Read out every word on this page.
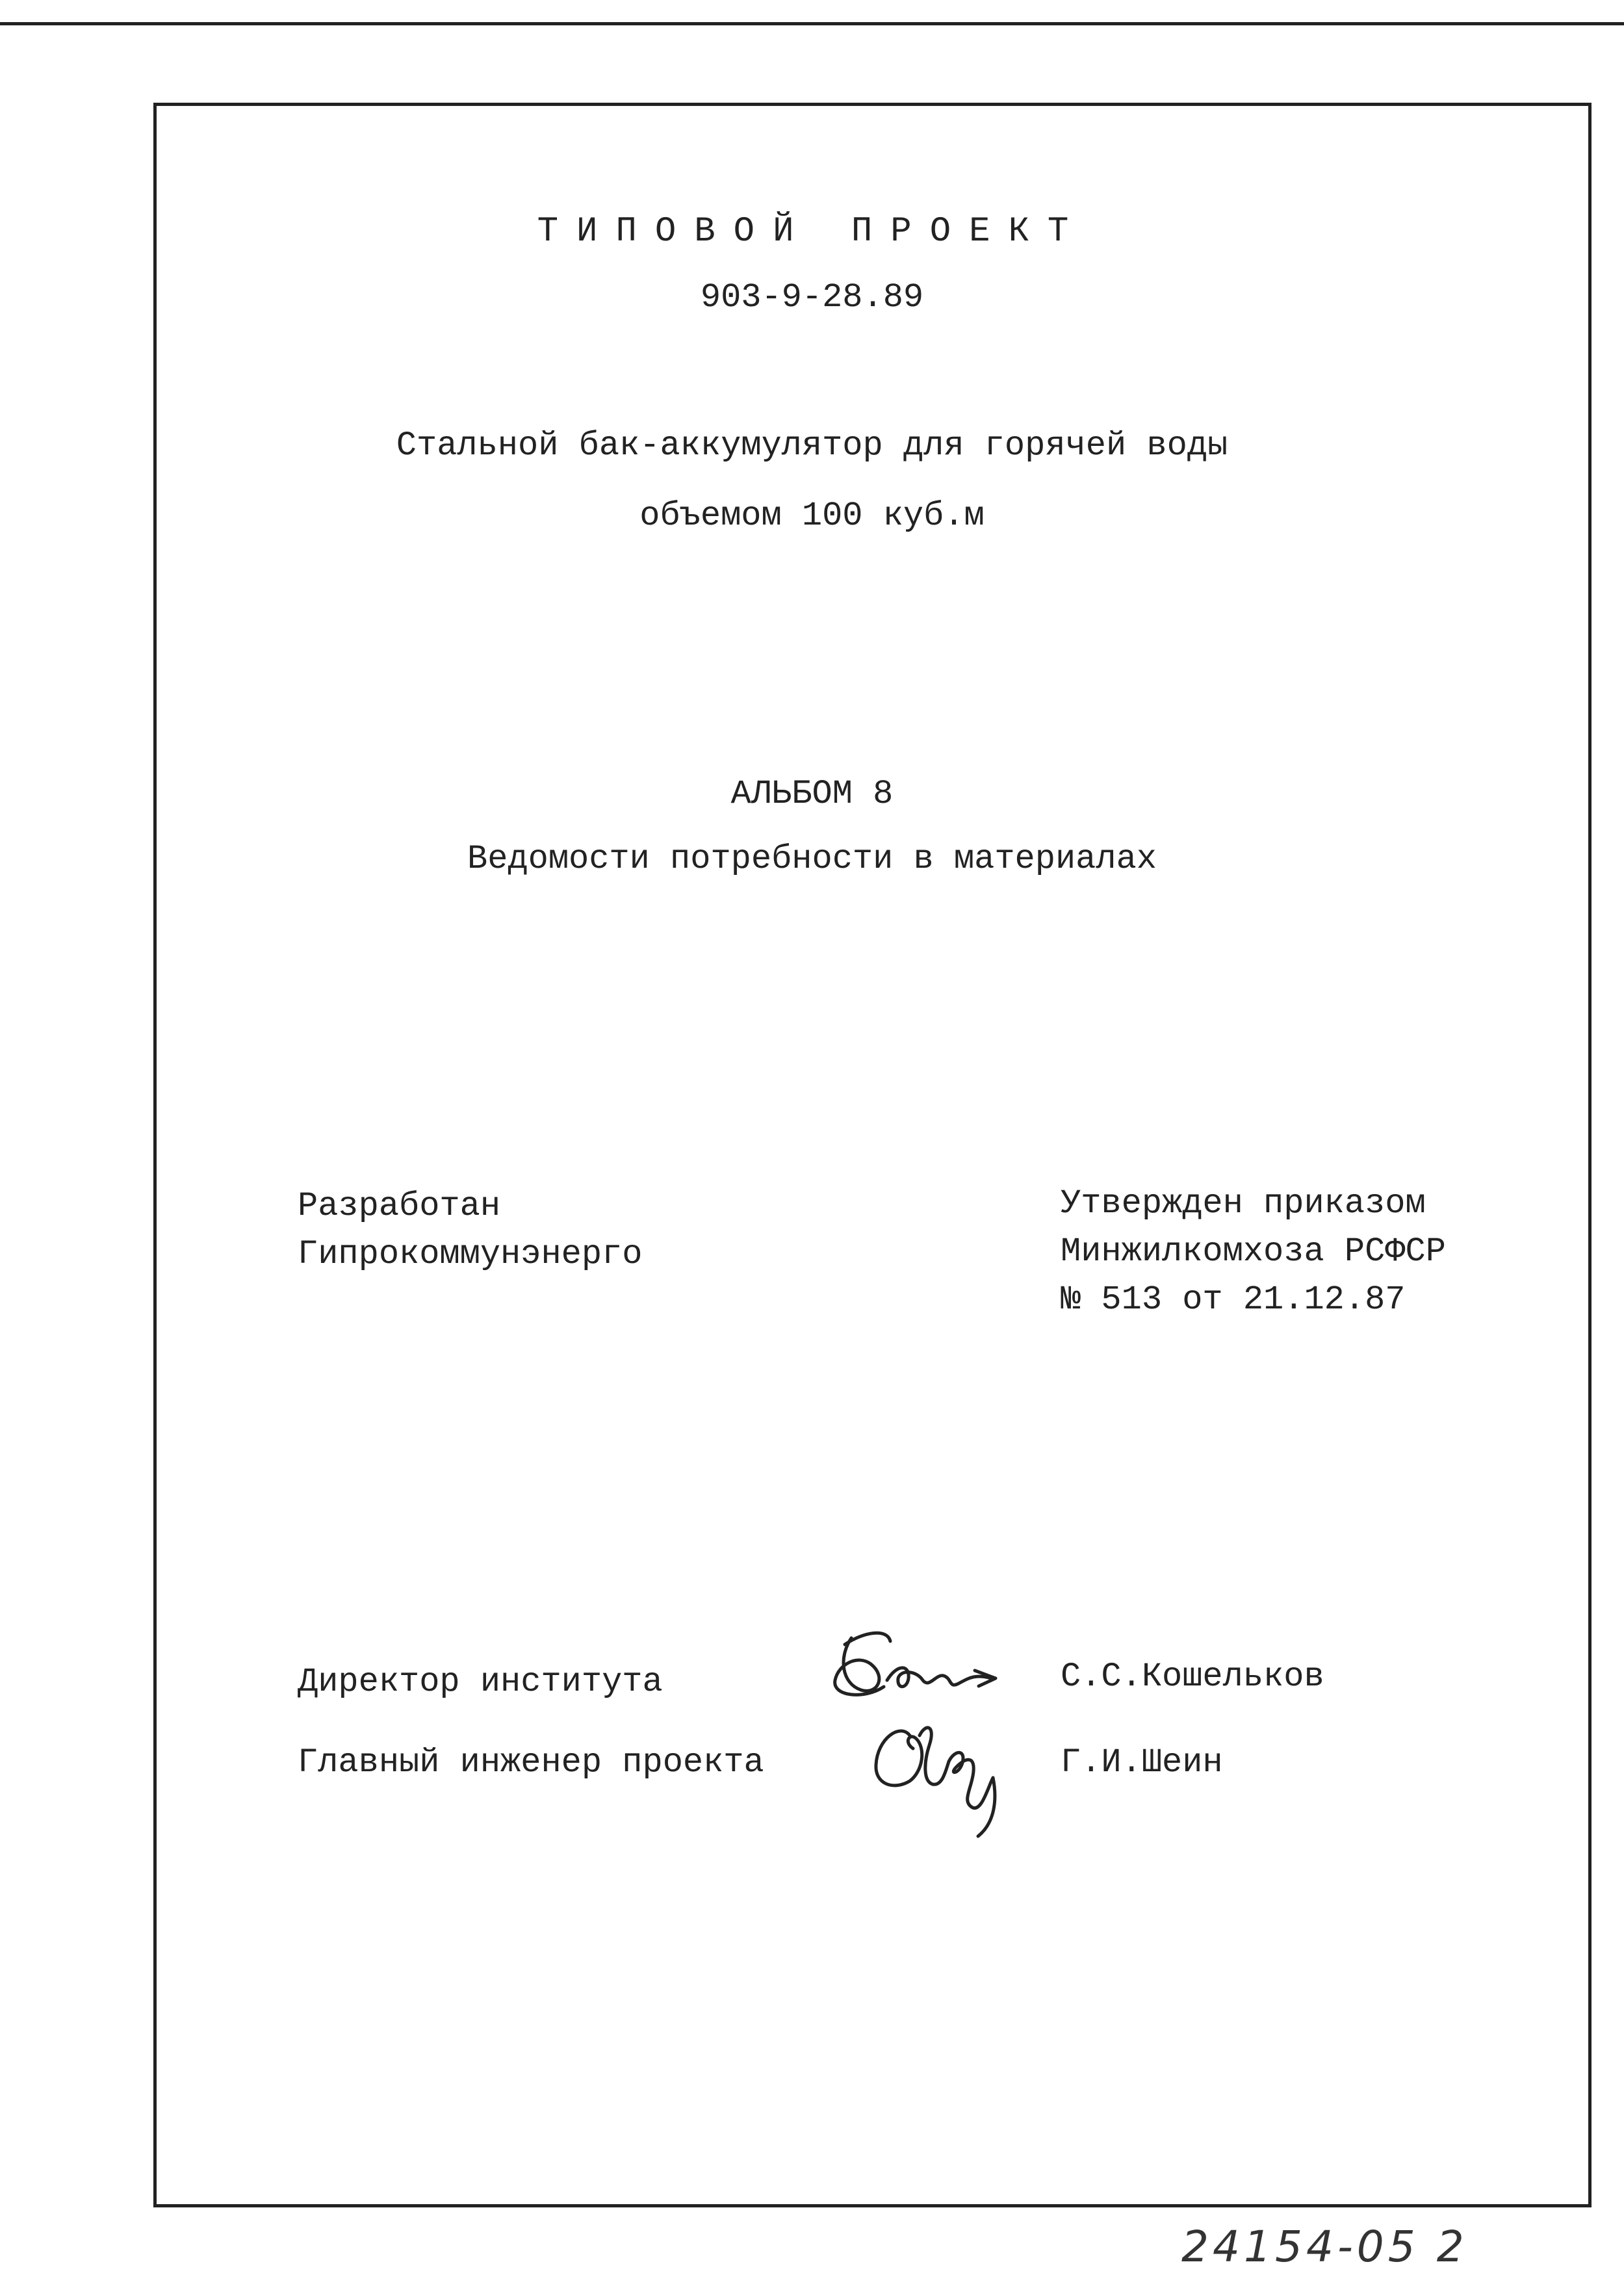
ТИПОВОЙ ПРОЕКТ
903-9-28.89
Стальной бак-аккумулятор для горячей воды
объемом 100 куб.м
АЛЬБОМ 8
Ведомости потребности в материалах
Разработан
Гипрокоммунэнерго
Утвержден приказом
Минжилкомхоза РСФСР
№ 513 от 21.12.87
Директор института	С.С.Кошельков
Главный инженер проекта	Г.И.Шеин
24154-05 2
